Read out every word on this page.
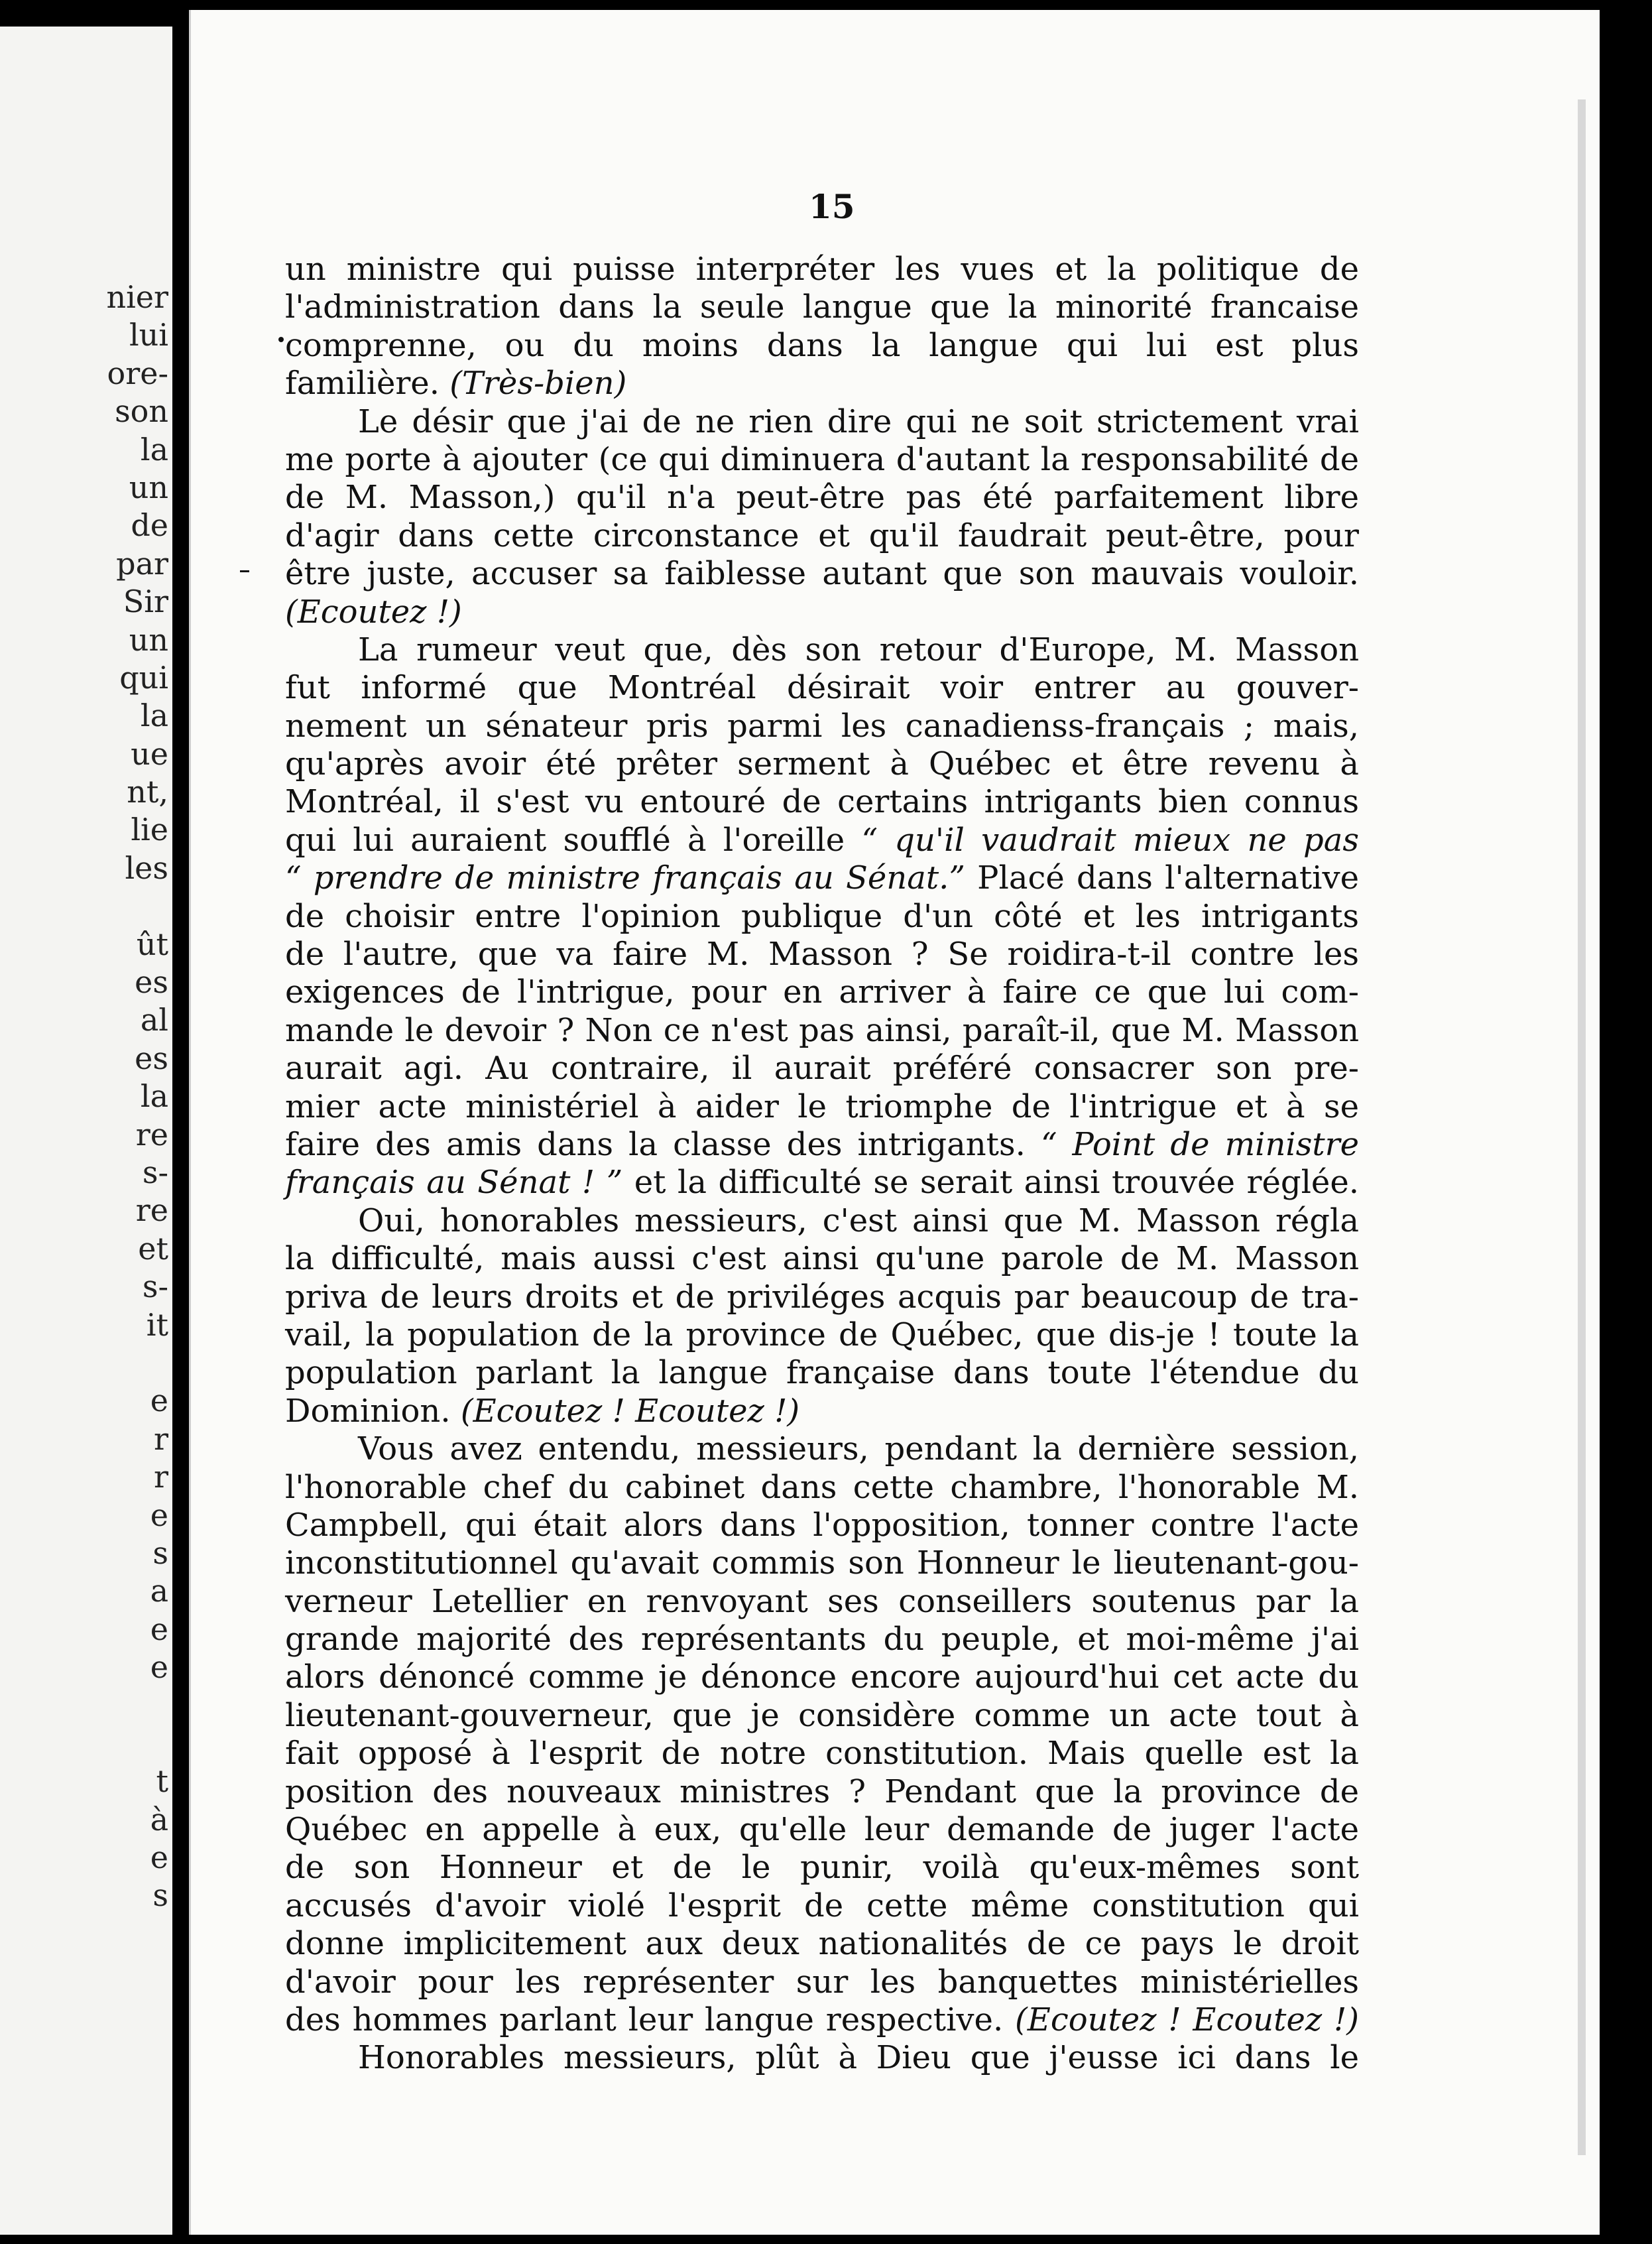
nier
lui
ore-
son
la
un
de
par
Sir
un
qui
la
ue
nt,
lie
les
ût
es
al
es
la
re
s-
re
et
s-
it
e
r
r
e
s
a
e
e
t
à
e
s
15
un ministre qui puisse interpréter les vues et la politique de
l'administration dans la seule langue que la minorité francaise
comprenne, ou du moins dans la langue qui lui est plus
familière. (Très-bien)
Le désir que j'ai de ne rien dire qui ne soit strictement vrai
me porte à ajouter (ce qui diminuera d'autant la responsabilité de
de M. Masson,) qu'il n'a peut-être pas été parfaitement libre
d'agir dans cette circonstance et qu'il faudrait peut-être, pour
être juste, accuser sa faiblesse autant que son mauvais vouloir.
(Ecoutez !)
La rumeur veut que, dès son retour d'Europe, M. Masson
fut informé que Montréal désirait voir entrer au gouver-
nement un sénateur pris parmi les canadienss-français ; mais,
qu'après avoir été prêter serment à Québec et être revenu à
Montréal, il s'est vu entouré de certains intrigants bien connus
qui lui auraient soufflé à l'oreille “ qu'il vaudrait mieux ne pas
“ prendre de ministre français au Sénat.” Placé dans l'alternative
de choisir entre l'opinion publique d'un côté et les intrigants
de l'autre, que va faire M. Masson ? Se roidira-t-il contre les
exigences de l'intrigue, pour en arriver à faire ce que lui com-
mande le devoir ? Non ce n'est pas ainsi, paraît-il, que M. Masson
aurait agi. Au contraire, il aurait préféré consacrer son pre-
mier acte ministériel à aider le triomphe de l'intrigue et à se
faire des amis dans la classe des intrigants. “ Point de ministre
français au Sénat ! ” et la difficulté se serait ainsi trouvée réglée.
Oui, honorables messieurs, c'est ainsi que M. Masson régla
la difficulté, mais aussi c'est ainsi qu'une parole de M. Masson
priva de leurs droits et de priviléges acquis par beaucoup de tra-
vail, la population de la province de Québec, que dis-je ! toute la
population parlant la langue française dans toute l'étendue du
Dominion. (Ecoutez ! Ecoutez !)
Vous avez entendu, messieurs, pendant la dernière session,
l'honorable chef du cabinet dans cette chambre, l'honorable M.
Campbell, qui était alors dans l'opposition, tonner contre l'acte
inconstitutionnel qu'avait commis son Honneur le lieutenant-gou-
verneur Letellier en renvoyant ses conseillers soutenus par la
grande majorité des représentants du peuple, et moi-même j'ai
alors dénoncé comme je dénonce encore aujourd'hui cet acte du
lieutenant-gouverneur, que je considère comme un acte tout à
fait opposé à l'esprit de notre constitution. Mais quelle est la
position des nouveaux ministres ? Pendant que la province de
Québec en appelle à eux, qu'elle leur demande de juger l'acte
de son Honneur et de le punir, voilà qu'eux-mêmes sont
accusés d'avoir violé l'esprit de cette même constitution qui
donne implicitement aux deux nationalités de ce pays le droit
d'avoir pour les représenter sur les banquettes ministérielles
des hommes parlant leur langue respective. (Ecoutez ! Ecoutez !)
Honorables messieurs, plût à Dieu que j'eusse ici dans le
